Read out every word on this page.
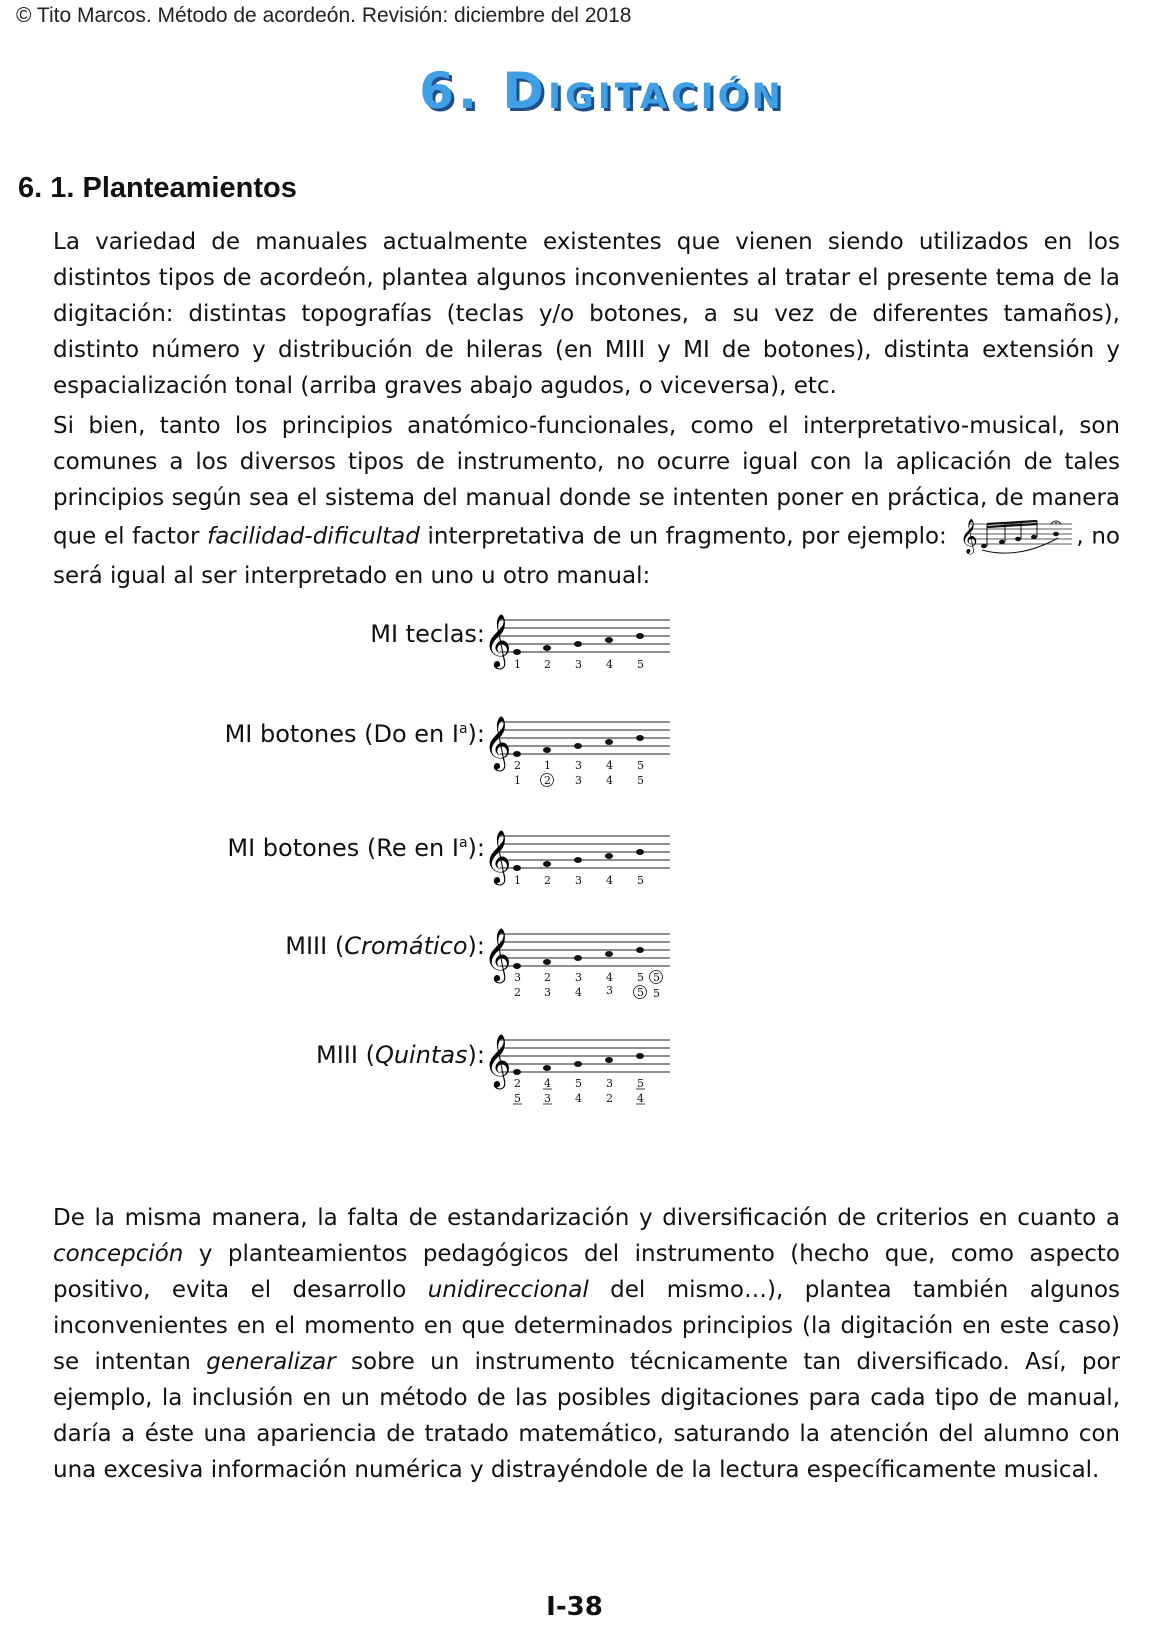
© Tito Marcos. Método de acordeón. Revisión: diciembre del 2018
6. Digitación
6. 1. Planteamientos

La variedad de manuales actualmente existentes que vienen siendo utilizados en los distintos tipos de acordeón, plantea algunos inconvenientes al tratar el presente tema de la digitación: distintas topografías (teclas y/o botones, a su vez de diferentes tamaños), distinto número y distribución de hileras (en MIII y MI de botones), distinta extensión y espacialización tonal (arriba graves abajo agudos, o viceversa), etc.

Si bien, tanto los principios anatómico-funcionales, como el interpretativo-musical, son comunes a los diversos tipos de instrumento, no ocurre igual con la aplicación de tales principios según sea el sistema del manual donde se intenten poner en práctica, de manera que el factor facilidad-dificultad interpretativa de un fragmento, por ejemplo: 𝄞	, no será igual al ser interpretado en uno u otro manual:

MI teclas: 𝄞 1 2 3 4 5
MI botones (Do en $I^a$): 𝄞 2 1 3 4 5
1 2 3 4 5
MI botones (Re en $I^a$): 𝄞 1 2 3 4 5
MIII (Cromático): 𝄞 3 2 3 4 5 5
2 3 4 3 5 5
MIII (Quintas): 𝄞 2 4 5 3 5
5 3 4 2 4

De la misma manera, la falta de estandarización y diversificación de criterios en cuanto a concepción y planteamientos pedagógicos del instrumento (hecho que, como aspecto positivo, evita el desarrollo unidireccional del mismo…), plantea también algunos inconvenientes en el momento en que determinados principios (la digitación en este caso) se intentan generalizar sobre un instrumento técnicamente tan diversificado. Así, por ejemplo, la inclusión en un método de las posibles digitaciones para cada tipo de manual, daría a éste una apariencia de tratado matemático, saturando la atención del alumno con una excesiva información numérica y distrayéndole de la lectura específicamente musical.

I-38
